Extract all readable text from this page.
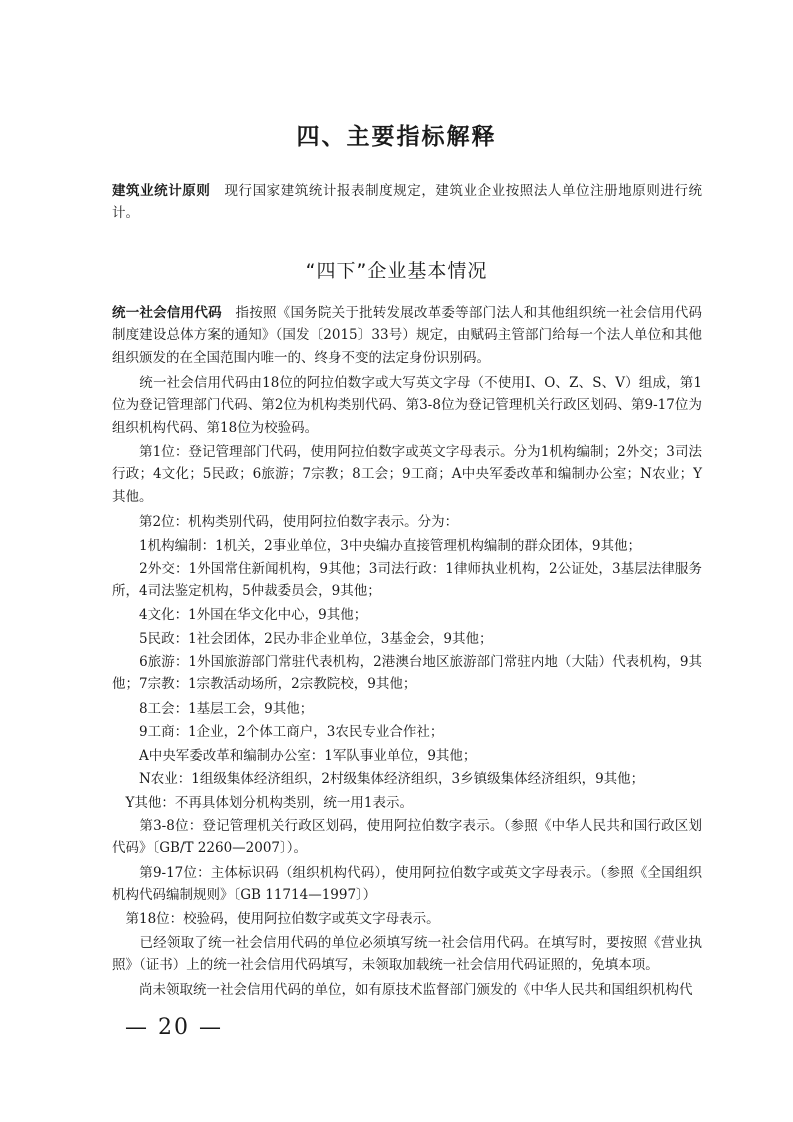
四、主要指标解释
建筑业统计原则　现行国家建筑统计报表制度规定，建筑业企业按照法人单位注册地原则进行统计。
“四下”企业基本情况
统一社会信用代码　指按照《国务院关于批转发展改革委等部门法人和其他组织统一社会信用代码制度建设总体方案的通知》（国发〔2015〕33号）规定，由赋码主管部门给每一个法人单位和其他组织颁发的在全国范围内唯一的、终身不变的法定身份识别码。
　　统一社会信用代码由18位的阿拉伯数字或大写英文字母（不使用I、O、Z、S、V）组成，第1位为登记管理部门代码、第2位为机构类别代码、第3-8位为登记管理机关行政区划码、第9-17位为组织机构代码、第18位为校验码。
　　第1位：登记管理部门代码，使用阿拉伯数字或英文字母表示。分为1机构编制；2外交；3司法行政；4文化；5民政；6旅游；7宗教；8工会；9工商；A中央军委改革和编制办公室；N农业；Y其他。
　　第2位：机构类别代码，使用阿拉伯数字表示。分为：
　　1机构编制：1机关，2事业单位，3中央编办直接管理机构编制的群众团体，9其他；
　　2外交：1外国常住新闻机构，9其他；3司法行政：1律师执业机构，2公证处，3基层法律服务所，4司法鉴定机构，5仲裁委员会，9其他；
　　4文化：1外国在华文化中心，9其他；
　　5民政：1社会团体，2民办非企业单位，3基金会，9其他；
　　6旅游：1外国旅游部门常驻代表机构，2港澳台地区旅游部门常驻内地（大陆）代表机构，9其他；7宗教：1宗教活动场所，2宗教院校，9其他；
　　8工会：1基层工会，9其他；
　　9工商：1企业，2个体工商户，3农民专业合作社；
　　A中央军委改革和编制办公室：1军队事业单位，9其他；
　　N农业：1组级集体经济组织，2村级集体经济组织，3乡镇级集体经济组织，9其他；
　Y其他：不再具体划分机构类别，统一用1表示。
　　第3-8位：登记管理机关行政区划码，使用阿拉伯数字表示。（参照《中华人民共和国行政区划代码》〔GB/T 2260—2007〕）。
　　第9-17位：主体标识码（组织机构代码），使用阿拉伯数字或英文字母表示。（参照《全国组织机构代码编制规则》〔GB 11714—1997〕）
　第18位：校验码，使用阿拉伯数字或英文字母表示。
　　已经领取了统一社会信用代码的单位必须填写统一社会信用代码。在填写时，要按照《营业执照》（证书）上的统一社会信用代码填写，未领取加载统一社会信用代码证照的，免填本项。
　　尚未领取统一社会信用代码的单位，如有原技术监督部门颁发的《中华人民共和国组织机构代
— 20 —
